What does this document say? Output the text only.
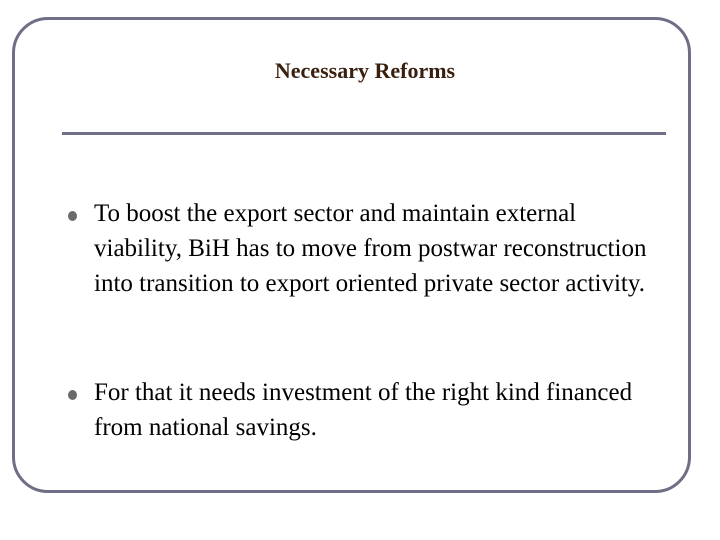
Necessary Reforms
To boost the export sector and maintain external viability, BiH has to move from postwar reconstruction into transition to export oriented private sector activity.
For that it needs investment of the right kind financed from national savings.
